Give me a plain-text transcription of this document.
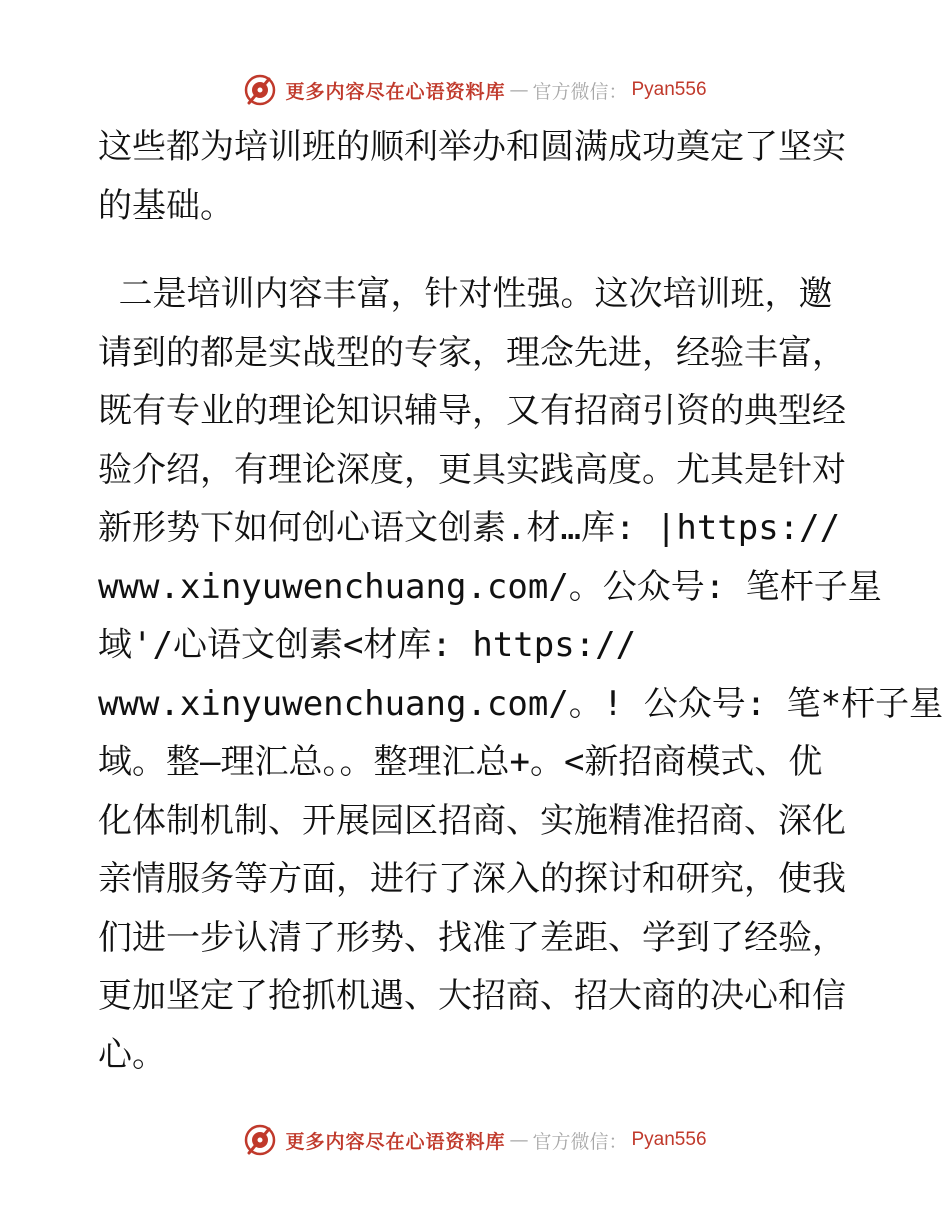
更多内容尽在心语资料库 — 官方微信： Pyan556
这些都为培训班的顺利举办和圆满成功奠定了坚实
的基础。
二是培训内容丰富，针对性强。这次培训班，邀
请到的都是实战型的专家，理念先进，经验丰富，
既有专业的理论知识辅导，又有招商引资的典型经
验介绍，有理论深度，更具实践高度。尤其是针对
新形势下如何创心语文创素.材…库: |https://
www.xinyuwenchuang.com/。公众号: 笔杆子星
域'/心语文创素<材库: https://
www.xinyuwenchuang.com/。! 公众号: 笔*杆子星
域。整—理汇总。。整理汇总+。<新招商模式、优
化体制机制、开展园区招商、实施精准招商、深化
亲情服务等方面，进行了深入的探讨和研究，使我
们进一步认清了形势、找准了差距、学到了经验，
更加坚定了抢抓机遇、大招商、招大商的决心和信
心。
更多内容尽在心语资料库 — 官方微信： Pyan556
